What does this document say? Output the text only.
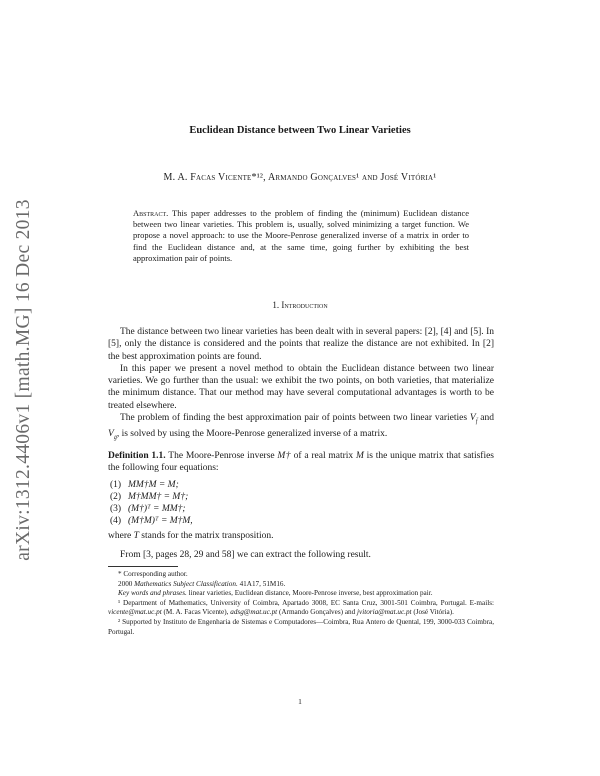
arXiv:1312.4406v1 [math.MG] 16 Dec 2013
Euclidean Distance between Two Linear Varieties
M. A. Facas Vicente*¹², Armando Gonçalves¹ and José Vitória¹
Abstract. This paper addresses to the problem of finding the (minimum) Euclidean distance between two linear varieties. This problem is, usually, solved minimizing a target function. We propose a novel approach: to use the Moore-Penrose generalized inverse of a matrix in order to find the Euclidean distance and, at the same time, going further by exhibiting the best approximation pair of points.
1. Introduction

The distance between two linear varieties has been dealt with in several papers: [2], [4] and [5]. In [5], only the distance is considered and the points that realize the distance are not exhibited. In [2] the best approximation points are found.

In this paper we present a novel method to obtain the Euclidean distance between two linear varieties. We go further than the usual: we exhibit the two points, on both varieties, that materialize the minimum distance. That our method may have several computational advantages is worth to be treated elsewhere.

The problem of finding the best approximation pair of points between two linear varieties $V_{f̄}$ and $V_ḡ$, is solved by using the Moore-Penrose generalized inverse of a matrix.

Definition 1.1. The Moore-Penrose inverse M† of a real matrix M is the unique matrix that satisfies the following four equations:

(1) MM†M = M;
(2) M†MM† = M†;
(3) (M†)ᵀ = MM†;
(4) (M†M)ᵀ = M†M,

where T stands for the matrix transposition.

From [3, pages 28, 29 and 58] we can extract the following result.

* Corresponding author.

2000 Mathematics Subject Classification. 41A17, 51M16.

Key words and phrases. linear varieties, Euclidean distance, Moore-Penrose inverse, best approximation pair.

¹ Department of Mathematics, University of Coimbra, Apartado 3008, EC Santa Cruz, 3001-501 Coimbra, Portugal. E-mails: vicente@mat.uc.pt (M. A. Facas Vicente), adsg@mat.uc.pt (Armando Gonçalves) and jvitoria@mat.uc.pt (José Vitória).

² Supported by Instituto de Engenharia de Sistemas e Computadores—Coimbra, Rua Antero de Quental, 199, 3000-033 Coimbra, Portugal.

1
